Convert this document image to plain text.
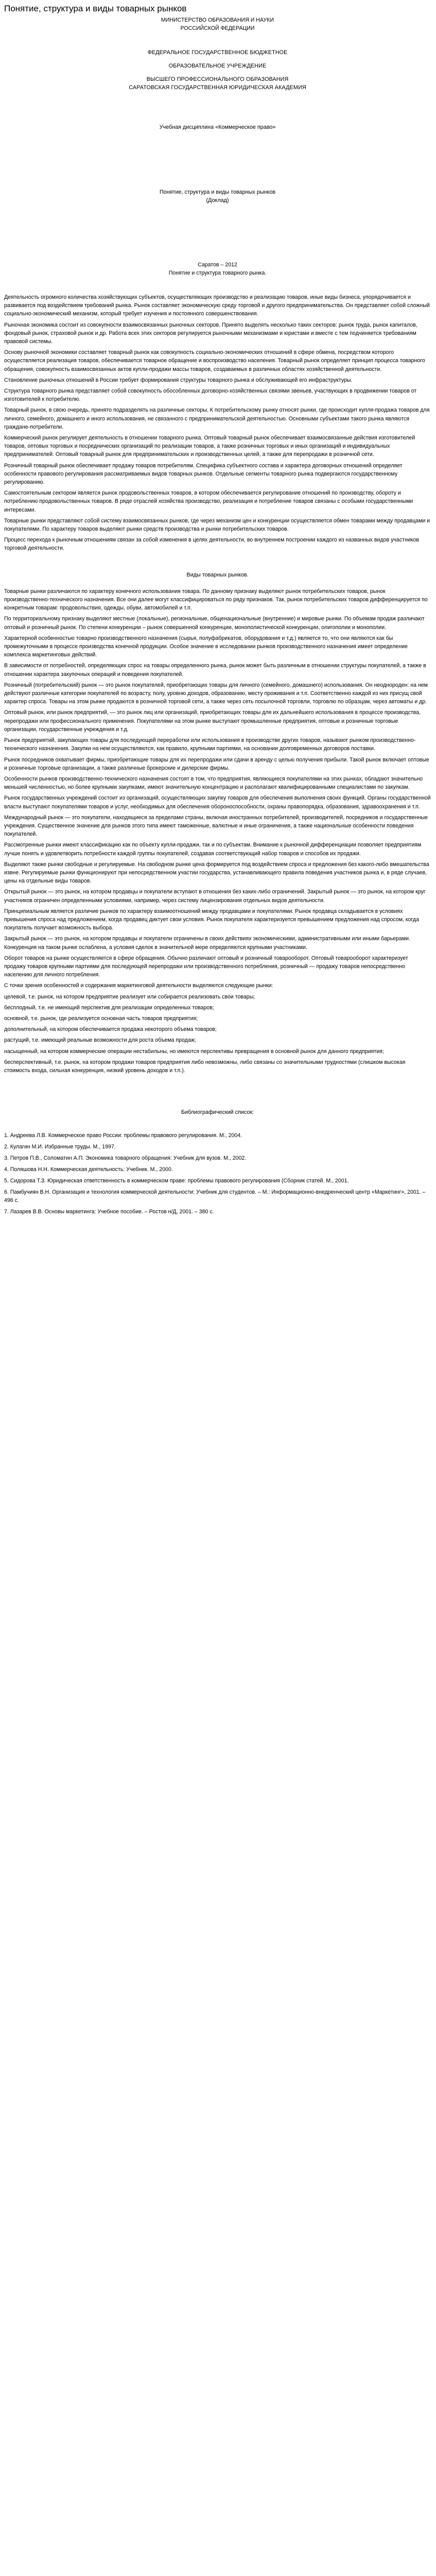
Понятие, структура и виды товарных рынков

МИНИСТЕРСТВО ОБРАЗОВАНИЯ И НАУКИ

РОССИЙСКОЙ ФЕДЕРАЦИИ

ФЕДЕРАЛЬНОЕ ГОСУДАРСТВЕННОЕ БЮДЖЕТНОЕ

ОБРАЗОВАТЕЛЬНОЕ УЧРЕЖДЕНИЕ

ВЫСШЕГО ПРОФЕССИОНАЛЬНОГО ОБРАЗОВАНИЯ

САРАТОВСКАЯ ГОСУДАРСТВЕННАЯ ЮРИДИЧЕСКАЯ АКАДЕМИЯ

Учебная дисциплина «Коммерческое право»

Понятие, структура и виды товарных рынков

(Доклад)

Саратов – 2012

Понятие и структура товарного рынка.

Деятельность огромного количества хозяйствующих субъектов, осуществляющих производство и реализацию товаров, иные виды бизнеса, упорядочивается и развивается под воздействием требований рынка. Рынок составляет экономическую среду торговой и другого предпринимательства. Он представляет собой сложный социально-экономический механизм, который требует изучения и постоянного совершенствования.

Рыночная экономика состоит из совокупности взаимосвязанных рыночных секторов. Принято выделять несколько таких секторов: рынок труда, рынок капиталов, фондовый рынок, страховой рынок и др. Работа всех этих секторов регулируется рыночными механизмами и юристами и вместе с тем подчиняется требованиям правовой системы.

Основу рыночной экономики составляет товарный рынок как совокупность социально-экономических отношений в сфере обмена, посредством которого осуществляется реализация товаров, обеспечивается товарное обращение и воспроизводство населения. Товарный рынок определяет принцип процесса товарного обращения, совокупность взаимосвязанных актов купли-продажи массы товаров, создаваемых в различных областях хозяйственной деятельности.

Становление рыночных отношений в России требует формирования структуры товарного рынка и обслуживающей его инфраструктуры.

Структура товарного рынка представляет собой совокупность обособленных договорно-хозяйственных связями звеньев, участвующих в продвижении товаров от изготовителей к потребителю.

Товарный рынок, в свою очередь, принято подразделять на различные секторы. К потребительскому рынку относят рынки, где происходит купля-продажа товаров для личного, семейного, домашнего и иного использования, не связанного с предпринимательской деятельностью. Основными субъектами такого рынка являются граждане-потребители.

Коммерческий рынок регулирует деятельность в отношении товарного рынка. Оптовый товарный рынок обеспечивает взаимосвязанные действия изготовителей товаров, оптовых торговых и посреднических организаций по реализации товаров, а также розничных торговых и иных организаций и индивидуальных предпринимателей. Оптовый товарный рынок для предпринимательских и производственных целей, а также для перепродажи в розничной сети.

Розничный товарный рынок обеспечивает продажу товаров потребителям. Специфика субъектного состава и характера договорных отношений определяет особенности правового регулирования рассматриваемых видов товарных рынков. Отдельные сегменты товарного рынка подвергаются государственному регулированию.

Самостоятельным сектором является рынок продовольственных товаров, в котором обеспечивается регулирование отношений по производству, обороту и потреблению продовольственных товаров. В ряде отраслей хозяйства производство, реализация и потребление товаров связаны с особыми государственными интересами.

Товарные рынки представляют собой систему взаимосвязанных рынков, где через механизм цен и конкуренции осуществляется обмен товарами между продавцами и покупателями. По характеру товаров выделяют рынки средств производства и рынки потребительских товаров.

Процесс перехода к рыночным отношениям связан за собой изменения в целях деятельности, во внутреннем построении каждого из названных видов участников торговой деятельности.

Виды товарных рынков.

Товарные рынки различаются по характеру конечного использования товара. По данному признаку выделяют рынок потребительских товаров, рынок производственно-технического назначения. Все они далее могут классифицироваться по ряду признаков. Так, рынок потребительских товаров дифференцируется по конкретным товарам: продовольствия, одежды, обуви, автомобилей и т.п.

По территориальному признаку выделяют местные (локальные), региональные, общенациональные (внутренние) и мировые рынки. По объемам продаж различают оптовый и розничный рынок. По степени конкуренции – рынок совершенной конкуренции, монополистической конкуренции, олигополии и монополии.

Характерной особенностью товарно производственного назначения (сырья, полуфабрикатов, оборудования и т.д.) является то, что они являются как бы промежуточными в процессе производства конечной продукции. Особое значение в исследовании рынков производственного назначения имеет определение комплекса маркетинговых действий.

В зависимости от потребностей, определяющих спрос на товары определенного рынка, рынок может быть различным в отношении структуры покупателей, а также в отношении характера закупочных операций и поведения покупателей.

Розничный (потребительский) рынок — это рынок покупателей, приобретающих товары для личного (семейного, домашнего) использования. Он неоднороден: на нем действуют различные категории покупателей по возрасту, полу, уровню доходов, образованию, месту проживания и т.п. Соответственно каждой из них присущ свой характер спроса. Товары на этом рынке продаются в розничной торговой сети, а также через сеть посылочной торговли, торговлю по образцам, через автоматы и др.

Оптовый рынок, или рынок предприятий, — это рынок лиц или организаций, приобретающих товары для их дальнейшего использования в процессе производства, перепродажи или профессионального применения. Покупателями на этом рынке выступают промышленные предприятия, оптовые и розничные торговые организации, государственные учреждения и т.д.

Рынок предприятий, закупающих товары для последующей переработки или использования в производстве других товаров, называют рынком производственно-технического назначения. Закупки на нем осуществляются, как правило, крупными партиями, на основании долговременных договоров поставки.

Рынок посредников охватывает фирмы, приобретающие товары для их перепродажи или сдачи в аренду с целью получения прибыли. Такой рынок включает оптовые и розничные торговые организации, а также различные брокерские и дилерские фирмы.

Особенности рынков производственно-технического назначения состоят в том, что предприятия, являющиеся покупателями на этих рынках, обладают значительно меньшей численностью, но более крупными закупками, имеют значительную концентрацию и располагают квалифицированными специалистами по закупкам.

Рынок государственных учреждений состоит из организаций, осуществляющих закупку товаров для обеспечения выполнения своих функций. Органы государственной власти выступают покупателями товаров и услуг, необходимых для обеспечения обороноспособности, охраны правопорядка, образования, здравоохранения и т.п.

Международный рынок — это покупатели, находящиеся за пределами страны, включая иностранных потребителей, производителей, посредников и государственные учреждения. Существенное значение для рынков этого типа имеют таможенные, валютные и иные ограничения, а также национальные особенности поведения покупателей.

Рассмотренные рынки имеют классификацию как по объекту купли-продажи, так и по субъектам. Внимание к рыночной дифференциации позволяет предприятиям лучше понять и удовлетворить потребности каждой группы покупателей, создавая соответствующий набор товаров и способов их продажи.

Выделяют также рынки свободные и регулируемые. На свободном рынке цена формируется под воздействием спроса и предложения без какого-либо вмешательства извне. Регулируемые рынки функционируют при непосредственном участии государства, устанавливающего правила поведения участников рынка и, в ряде случаев, цены на отдельные виды товаров.

Открытый рынок — это рынок, на котором продавцы и покупатели вступают в отношения без каких-либо ограничений. Закрытый рынок — это рынок, на котором круг участников ограничен определенными условиями, например, через систему лицензирования отдельных видов деятельности.

Принципиальным является различие рынков по характеру взаимоотношений между продавцами и покупателями. Рынок продавца складывается в условиях превышения спроса над предложением, когда продавец диктует свои условия. Рынок покупателя характеризуется превышением предложения над спросом, когда покупатель получает возможность выбора.

Закрытый рынок — это рынок, на котором продавцы и покупатели ограничены в своих действиях экономическими, административными или иными барьерами. Конкуренция на таком рынке ослаблена, а условия сделок в значительной мере определяются крупными участниками.

Оборот товаров на рынке осуществляется в сфере обращения. Обычно различают оптовый и розничный товарооборот. Оптовый товарооборот характеризует продажу товаров крупными партиями для последующей перепродажи или производственного потребления, розничный — продажу товаров непосредственно населению для личного потребления.

С точки зрения особенностей и содержания маркетинговой деятельности выделяются следующие рынки:

целевой, т.е. рынок, на котором предприятие реализует или собирается реализовать свои товары;

бесплодный, т.е. не имеющий перспектив для реализации определенных товаров;

основной, т.е. рынок, где реализуется основная часть товаров предприятия;

дополнительный, на котором обеспечивается продажа некоторого объема товаров;

растущий, т.е. имеющий реальные возможности для роста объема продаж;

насыщенный, на котором коммерческие операции нестабильны, но имеются перспективы превращения в основной рынок для данного предприятия;

бесперспективный, т.е. рынок, на котором продажи товаров предприятия либо невозможны, либо связаны со значительными трудностями (слишком высокая стоимость входа, сильная конкуренция, низкий уровень доходов и т.п.).

Библиографический список:

1. Андреева Л.В. Коммерческое право России: проблемы правового регулирования. М., 2004.
2. Кулагин М.И. Избранные труды. М., 1997.
3. Петров П.В., Соломатин А.П. Экономика товарного обращения: Учебник для вузов. М., 2002.
4. Поляшова Н.Н. Коммерческая деятельность: Учебник. М., 2000.
5. Сидорова Т.З. Юридическая ответственность в коммерческом праве: проблемы правового регулирования (Сборник статей. М., 2001.
6. Памбучиян В.Н. Организация и технология коммерческой деятельности: Учебник для студентов. – М.: Информационно-внедренческий центр «Маркетинг», 2001. – 496 с.
7. Лазарев В.В. Основы маркетинга: Учебное пособие. – Ростов н/Д, 2001. – 380 с.
